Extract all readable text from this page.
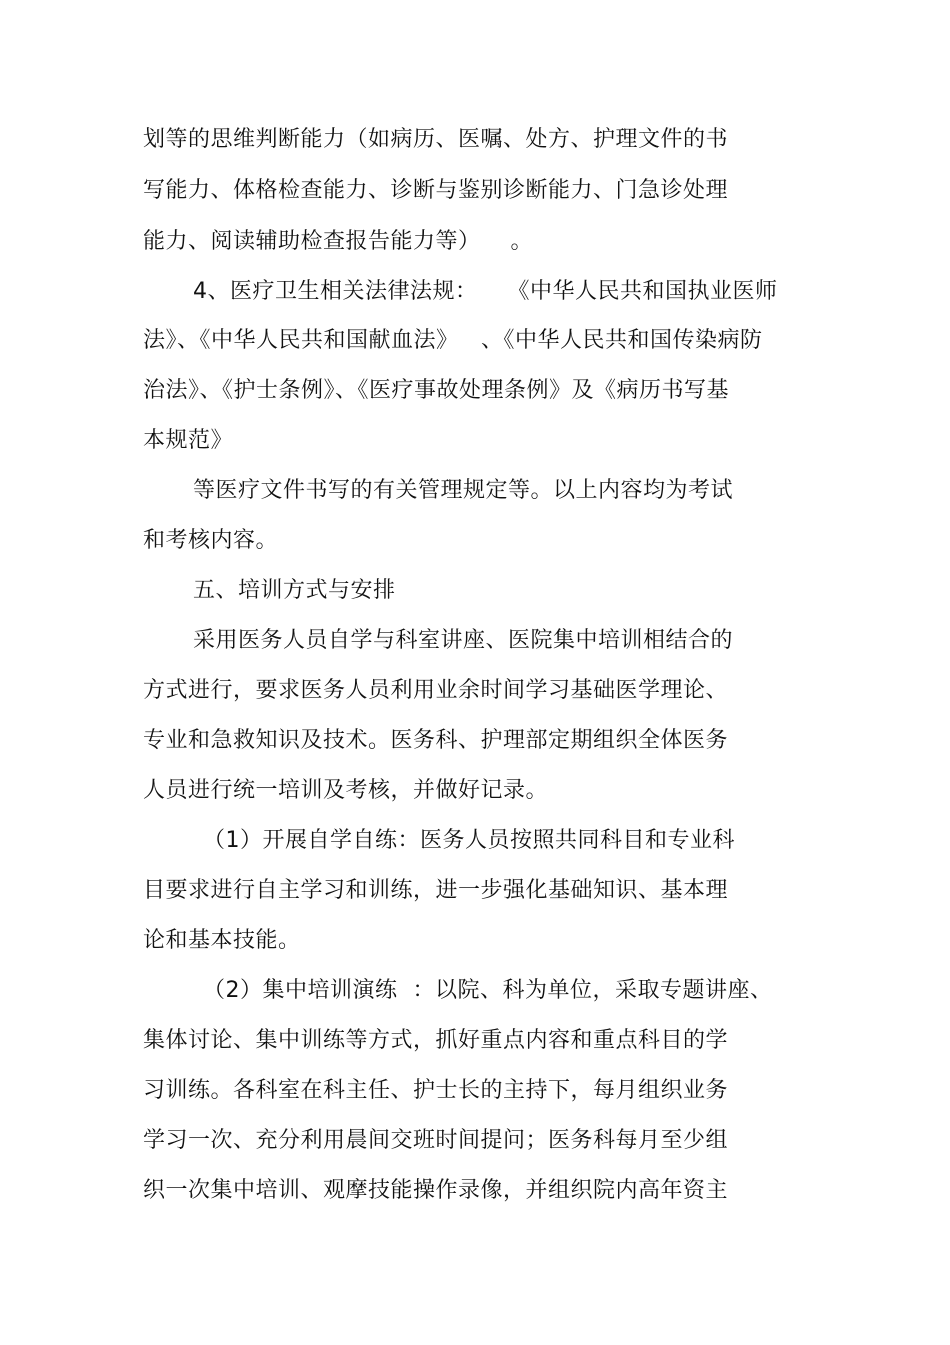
划等的思维判断能力（如病历、医嘱、处方、护理文件的书
写能力、体格检查能力、诊断与鉴别诊断能力、门急诊处理
能力、阅读辅助检查报告能力等）    。
4、医疗卫生相关法律法规：    《中华人民共和国执业医师
法》、《中华人民共和国献血法》   、《中华人民共和国传染病防
治法》、《护士条例》、《医疗事故处理条例》及《病历书写基
本规范》
等医疗文件书写的有关管理规定等。以上内容均为考试
和考核内容。
五、培训方式与安排
采用医务人员自学与科室讲座、医院集中培训相结合的
方式进行，要求医务人员利用业余时间学习基础医学理论、
专业和急救知识及技术。医务科、护理部定期组织全体医务
人员进行统一培训及考核，并做好记录。
（1）开展自学自练：医务人员按照共同科目和专业科
目要求进行自主学习和训练，进一步强化基础知识、基本理
论和基本技能。
（2）集中培训演练  ：以院、科为单位，采取专题讲座、
集体讨论、集中训练等方式，抓好重点内容和重点科目的学
习训练。各科室在科主任、护士长的主持下，每月组织业务
学习一次、充分利用晨间交班时间提问；医务科每月至少组
织一次集中培训、观摩技能操作录像，并组织院内高年资主
